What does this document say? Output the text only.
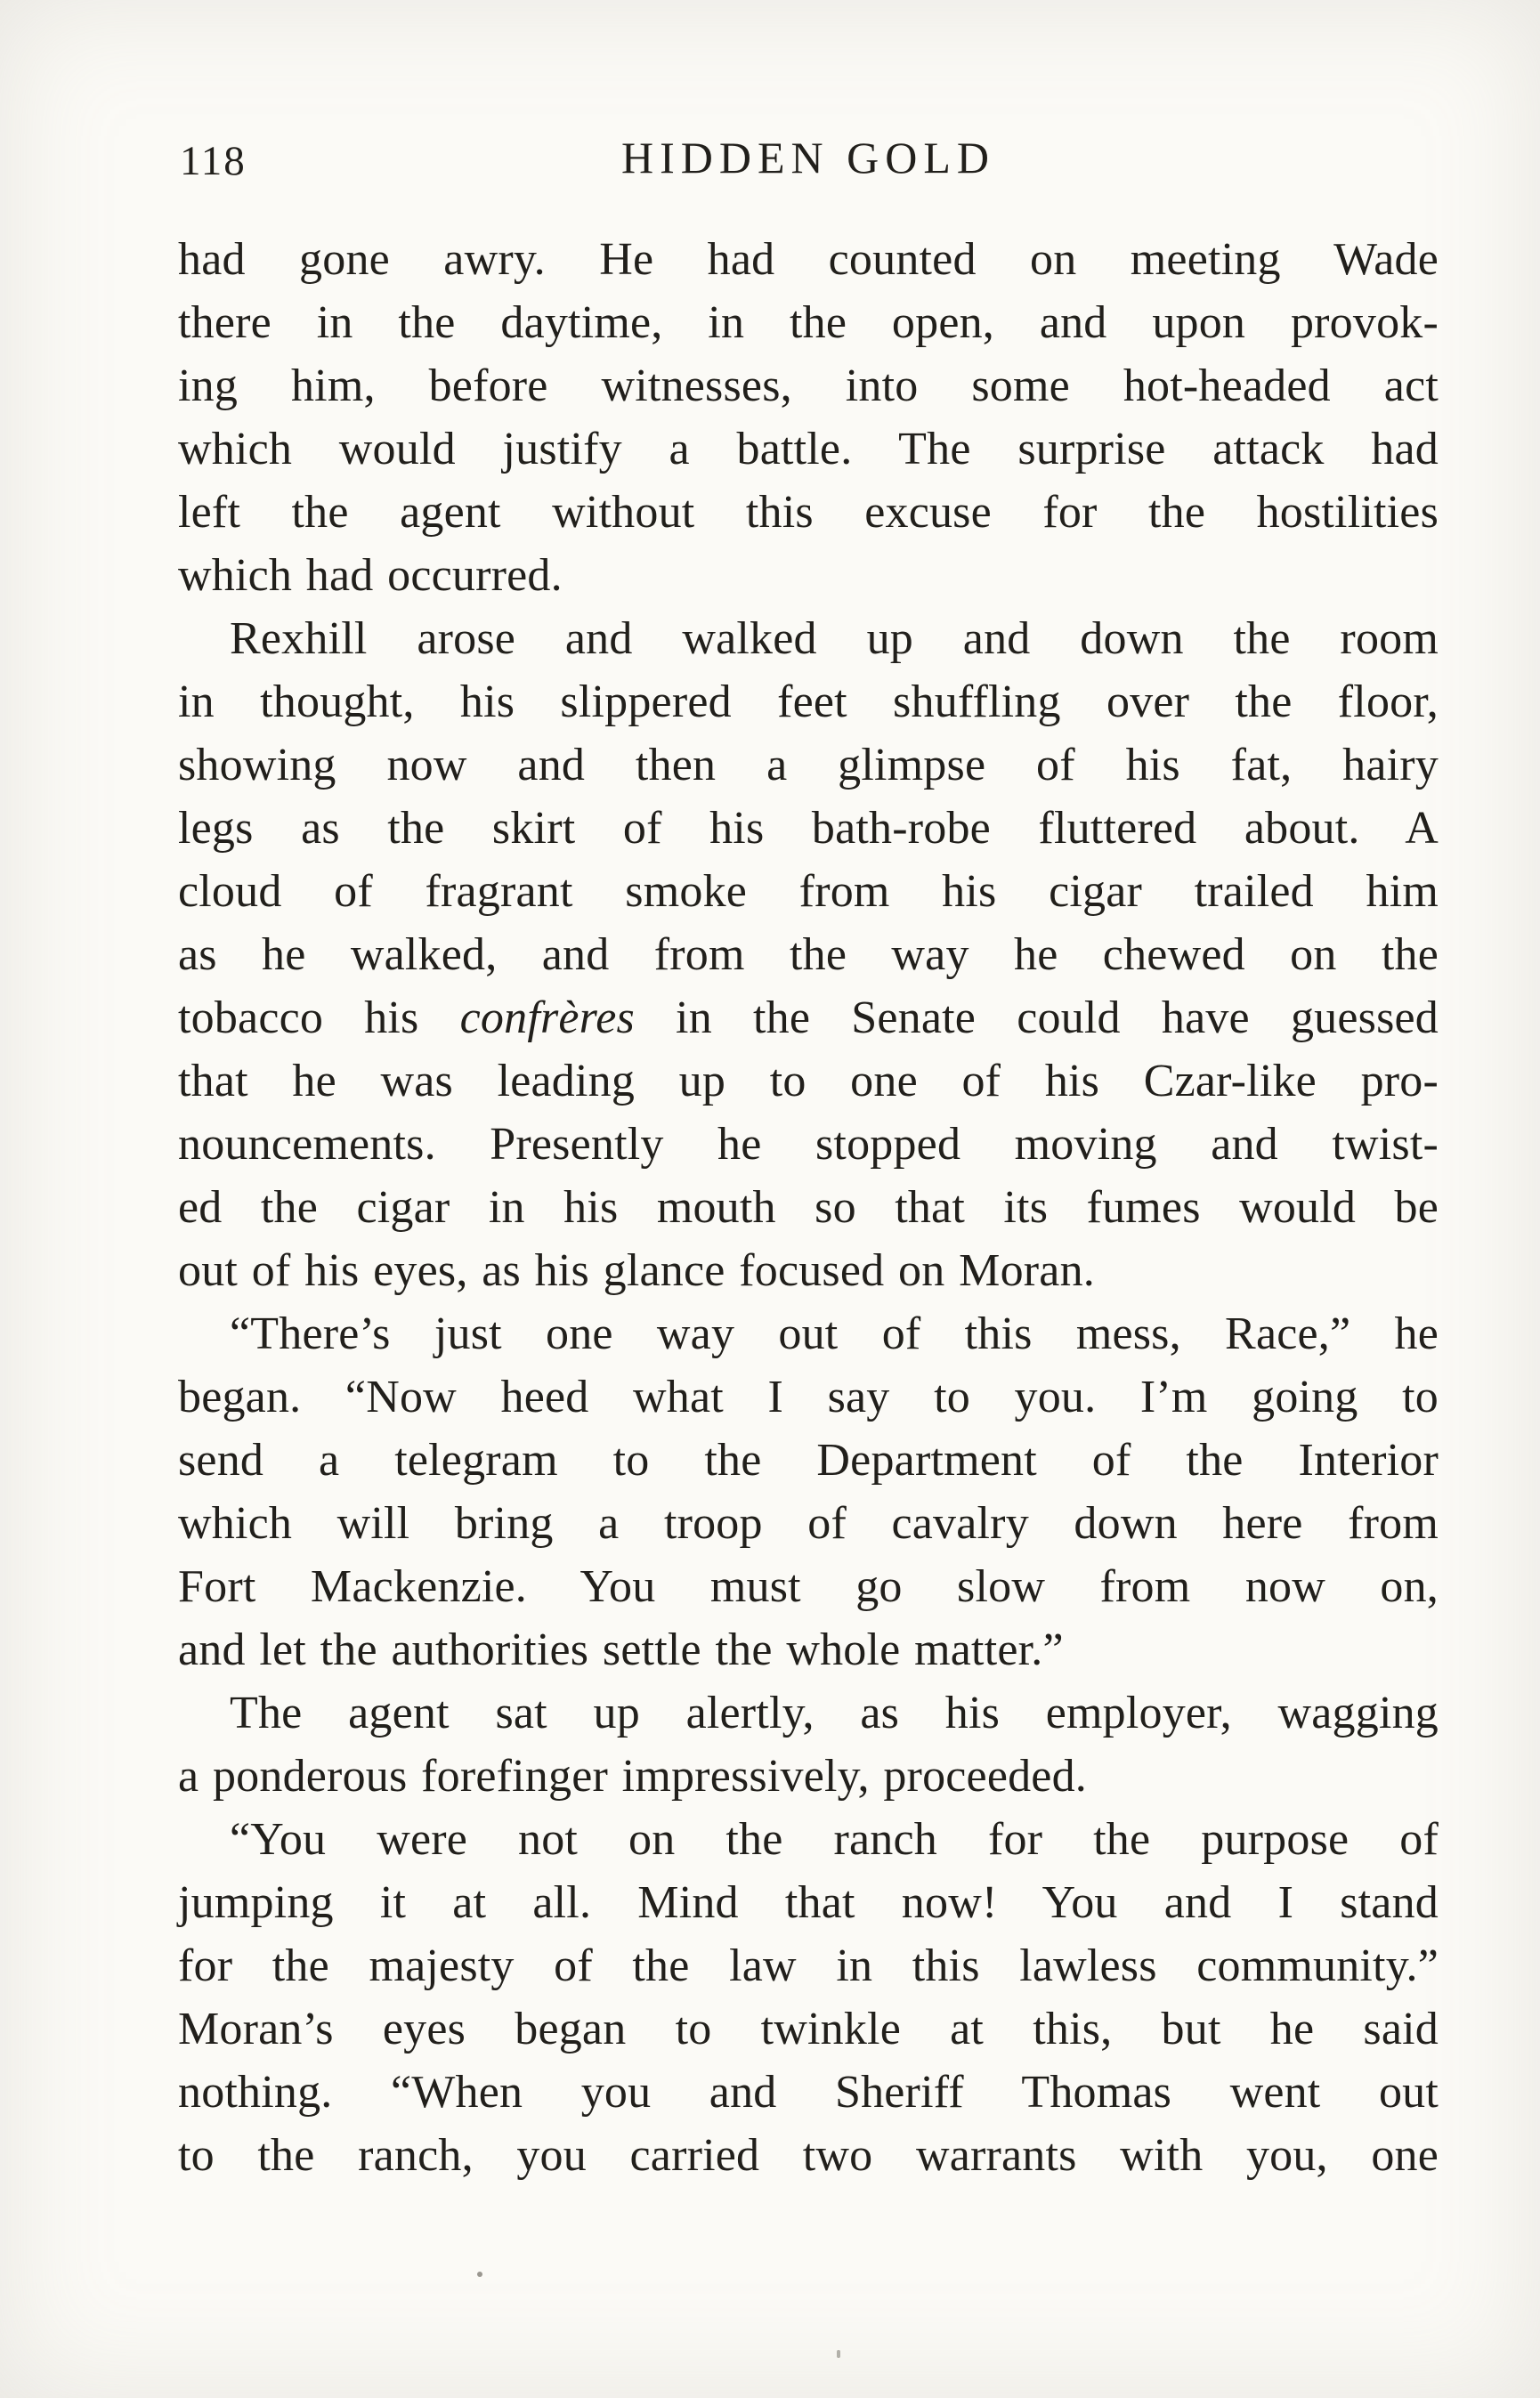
118	HIDDEN GOLD
had gone awry. He had counted on meeting Wade
there in the daytime, in the open, and upon provok-
ing him, before witnesses, into some hot-headed act
which would justify a battle. The surprise attack had
left the agent without this excuse for the hostilities
which had occurred.
Rexhill arose and walked up and down the room
in thought, his slippered feet shuffling over the floor,
showing now and then a glimpse of his fat, hairy
legs as the skirt of his bath-robe fluttered about. A
cloud of fragrant smoke from his cigar trailed him
as he walked, and from the way he chewed on the
tobacco his confrères in the Senate could have guessed
that he was leading up to one of his Czar-like pro-
nouncements. Presently he stopped moving and twist-
ed the cigar in his mouth so that its fumes would be
out of his eyes, as his glance focused on Moran.
“There’s just one way out of this mess, Race,” he
began. “Now heed what I say to you. I’m going to
send a telegram to the Department of the Interior
which will bring a troop of cavalry down here from
Fort Mackenzie. You must go slow from now on,
and let the authorities settle the whole matter.”
The agent sat up alertly, as his employer, wagging
a ponderous forefinger impressively, proceeded.
“You were not on the ranch for the purpose of
jumping it at all. Mind that now! You and I stand
for the majesty of the law in this lawless community.”
Moran’s eyes began to twinkle at this, but he said
nothing. “When you and Sheriff Thomas went out
to the ranch, you carried two warrants with you, one
